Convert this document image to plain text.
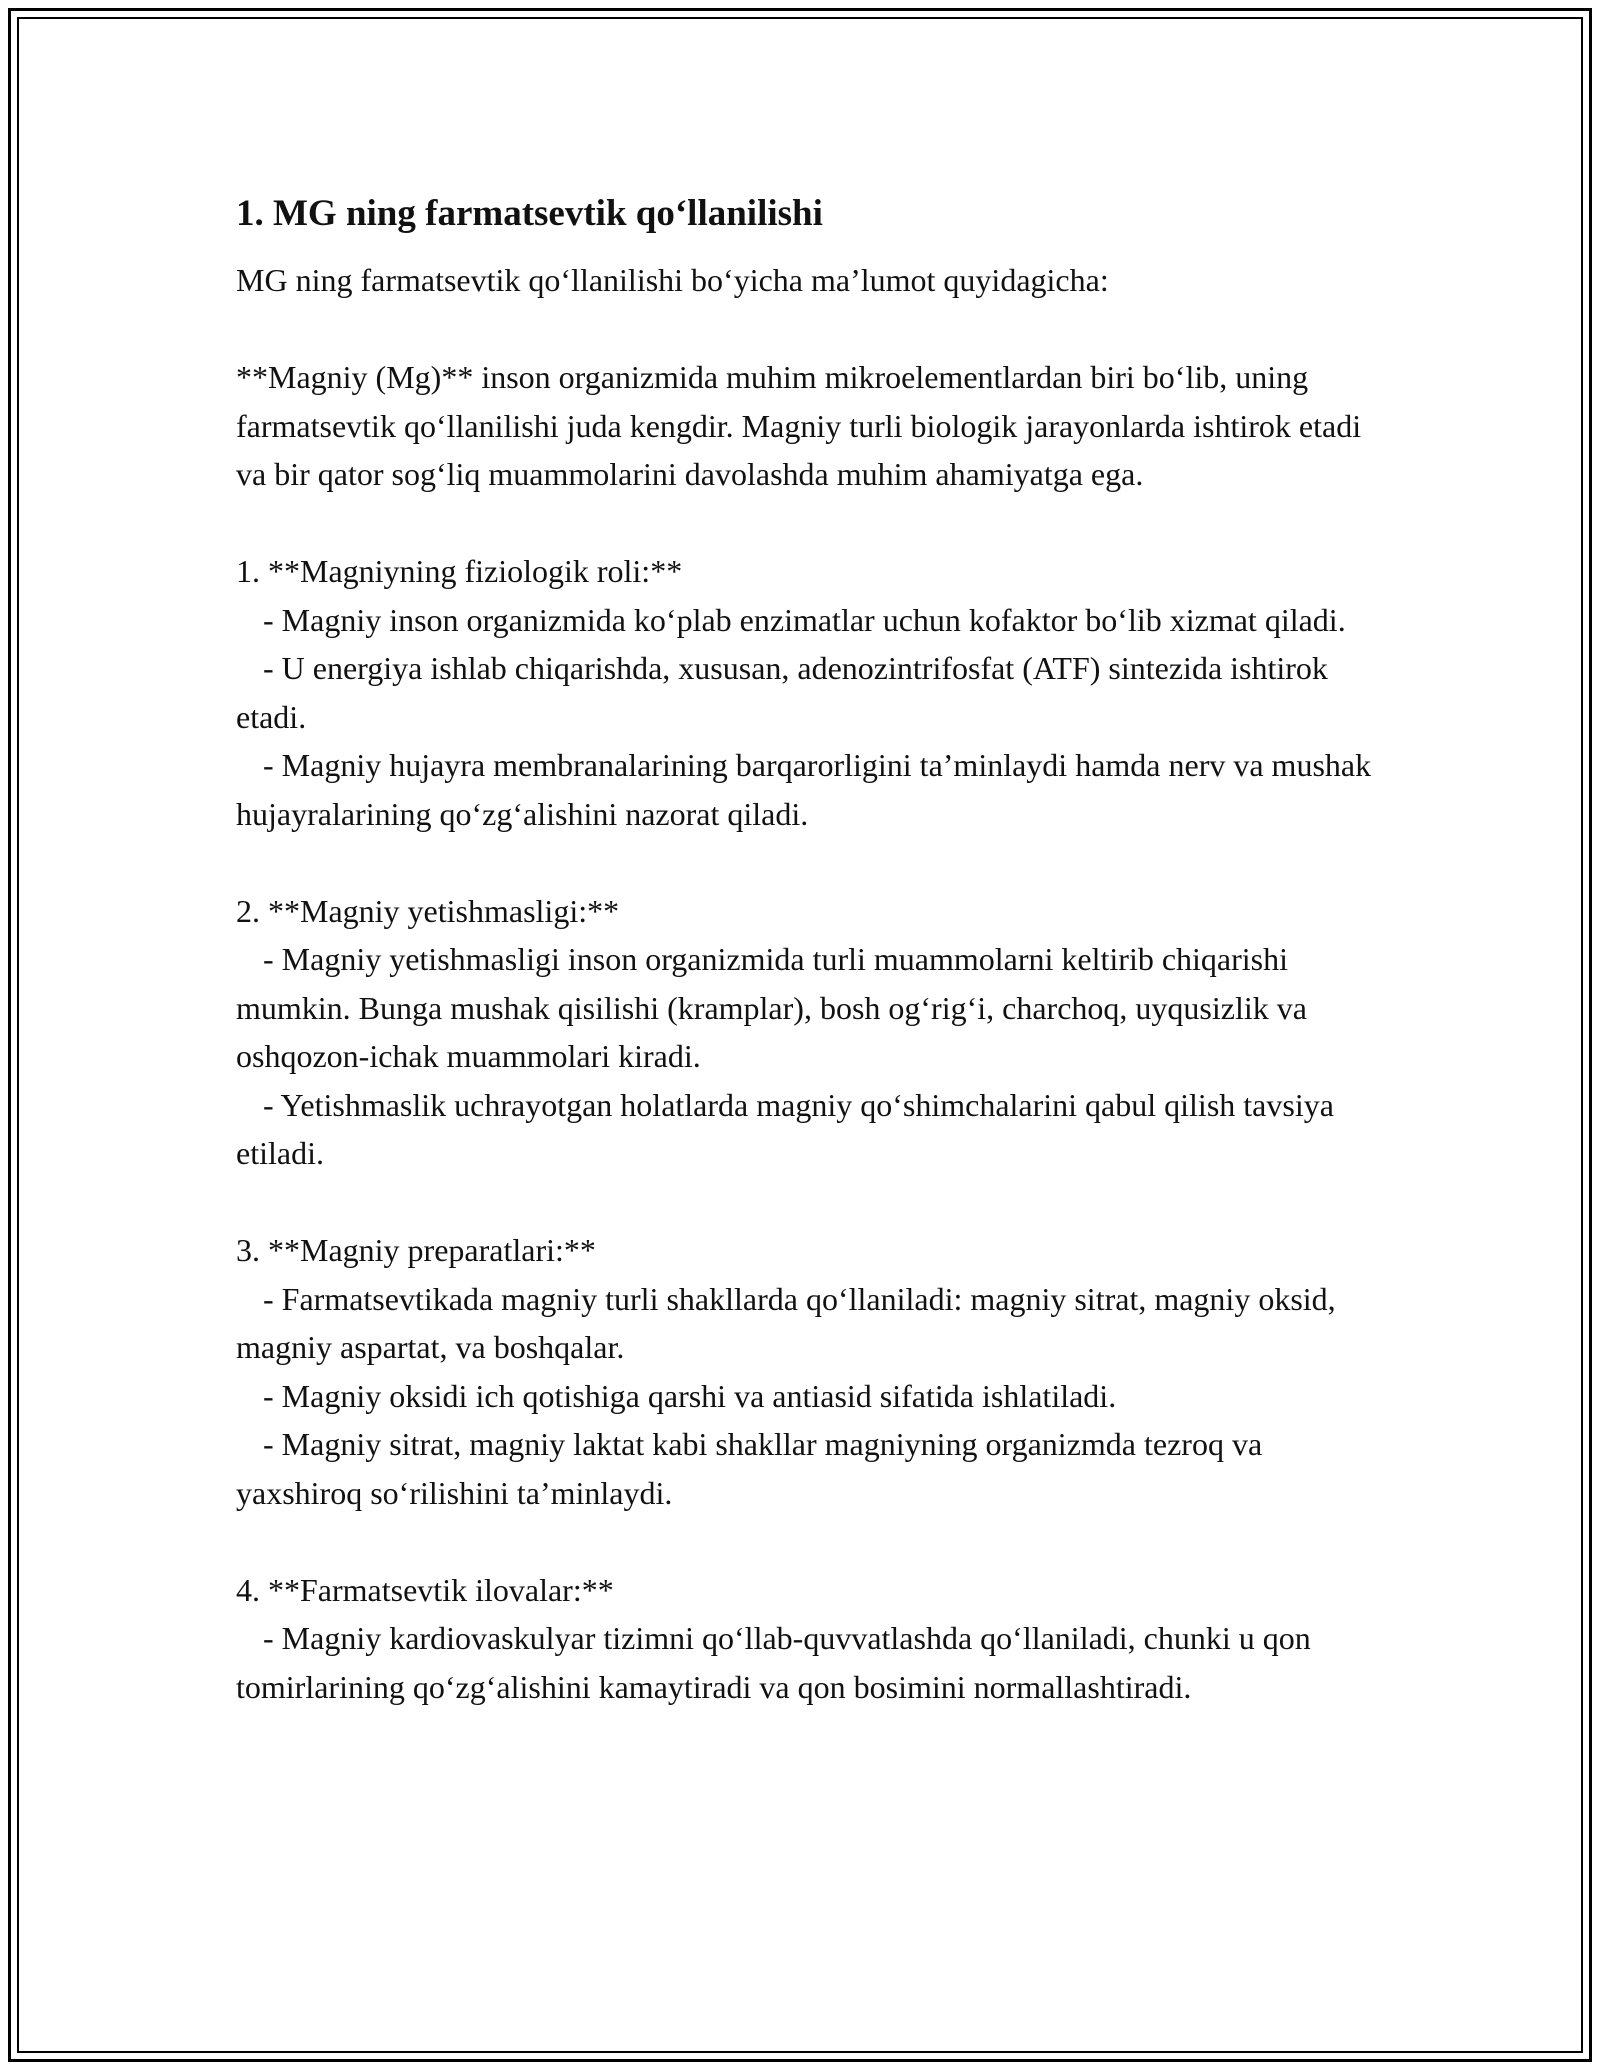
1. MG ning farmatsevtik qo‘llanilishi

MG ning farmatsevtik qo‘llanilishi bo‘yicha ma’lumot quyidagicha:

**Magniy (Mg)** inson organizmida muhim mikroelementlardan biri bo‘lib, uning farmatsevtik qo‘llanilishi juda kengdir. Magniy turli biologik jarayonlarda ishtirok etadi va bir qator sog‘liq muammolarini davolashda muhim ahamiyatga ega.

1. **Magniyning fiziologik roli:**

- Magniy inson organizmida ko‘plab enzimatlar uchun kofaktor bo‘lib xizmat qiladi.

- U energiya ishlab chiqarishda, xususan, adenozintrifosfat (ATF) sintezida ishtirok etadi.

- Magniy hujayra membranalarining barqarorligini ta’minlaydi hamda nerv va mushak hujayralarining qo‘zg‘alishini nazorat qiladi.

2. **Magniy yetishmasligi:**

- Magniy yetishmasligi inson organizmida turli muammolarni keltirib chiqarishi mumkin. Bunga mushak qisilishi (kramplar), bosh og‘rig‘i, charchoq, uyqusizlik va oshqozon-ichak muammolari kiradi.

- Yetishmaslik uchrayotgan holatlarda magniy qo‘shimchalarini qabul qilish tavsiya etiladi.

3. **Magniy preparatlari:**

- Farmatsevtikada magniy turli shakllarda qo‘llaniladi: magniy sitrat, magniy oksid, magniy aspartat, va boshqalar.

- Magniy oksidi ich qotishiga qarshi va antiasid sifatida ishlatiladi.

- Magniy sitrat, magniy laktat kabi shakllar magniyning organizmda tezroq va yaxshiroq so‘rilishini ta’minlaydi.

4. **Farmatsevtik ilovalar:**

- Magniy kardiovaskulyar tizimni qo‘llab-quvvatlashda qo‘llaniladi, chunki u qon tomirlarining qo‘zg‘alishini kamaytiradi va qon bosimini normallashtiradi.
